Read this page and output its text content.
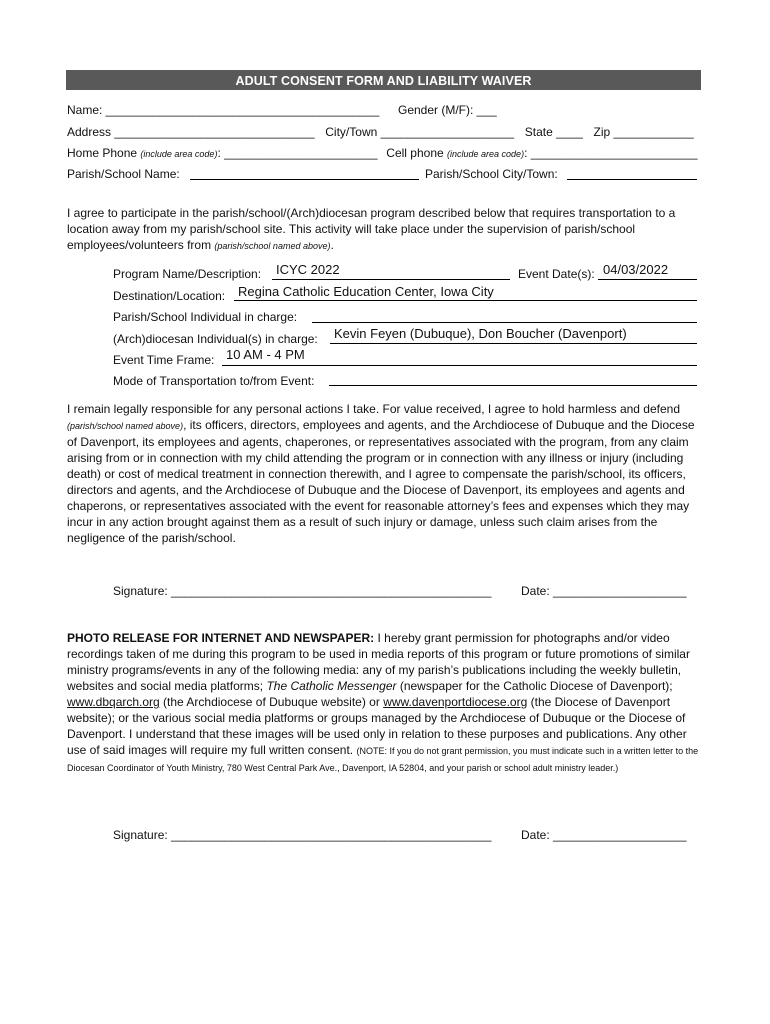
ADULT CONSENT FORM AND LIABILITY WAIVER
Name: _________________________________________ Gender (M/F): ___
Address ______________________________ City/Town ____________________ State ____ Zip ____________
Home Phone (include area code): _______________________ Cell phone (include area code): _________________________
Parish/School Name:	Parish/School City/Town:

I agree to participate in the parish/school/(Arch)diocesan program described below that requires transportation to a location away from my parish/school site. This activity will take place under the supervision of parish/school employees/volunteers from (parish/school named above).

Program Name/Description: ICYC 2022	Event Date(s): 04/03/2022
Destination/Location: Regina Catholic Education Center, Iowa City
Parish/School Individual in charge:
(Arch)diocesan Individual(s) in charge: Kevin Feyen (Dubuque), Don Boucher (Davenport)
Event Time Frame: 10 AM - 4 PM
Mode of Transportation to/from Event:

I remain legally responsible for any personal actions I take. For value received, I agree to hold harmless and defend (parish/school named above), its officers, directors, employees and agents, and the Archdiocese of Dubuque and the Diocese of Davenport, its employees and agents, chaperones, or representatives associated with the program, from any claim arising from or in connection with my child attending the program or in connection with any illness or injury (including death) or cost of medical treatment in connection therewith, and I agree to compensate the parish/school, its officers, directors and agents, and the Archdiocese of Dubuque and the Diocese of Davenport, its employees and agents and chaperons, or representatives associated with the event for reasonable attorney’s fees and expenses which they may incur in any action brought against them as a result of such injury or damage, unless such claim arises from the negligence of the parish/school.

Signature: ________________________________________________ Date: ____________________

PHOTO RELEASE FOR INTERNET AND NEWSPAPER: I hereby grant permission for photographs and/or video recordings taken of me during this program to be used in media reports of this program or future promotions of similar ministry programs/events in any of the following media: any of my parish’s publications including the weekly bulletin, websites and social media platforms; The Catholic Messenger (newspaper for the Catholic Diocese of Davenport); www.dbqarch.org (the Archdiocese of Dubuque website) or www.davenportdiocese.org (the Diocese of Davenport website); or the various social media platforms or groups managed by the Archdiocese of Dubuque or the Diocese of Davenport. I understand that these images will be used only in relation to these purposes and publications. Any other use of said images will require my full written consent. (NOTE: If you do not grant permission, you must indicate such in a written letter to the Diocesan Coordinator of Youth Ministry, 780 West Central Park Ave., Davenport, IA 52804, and your parish or school adult ministry leader.)

Signature: ________________________________________________ Date: ____________________
